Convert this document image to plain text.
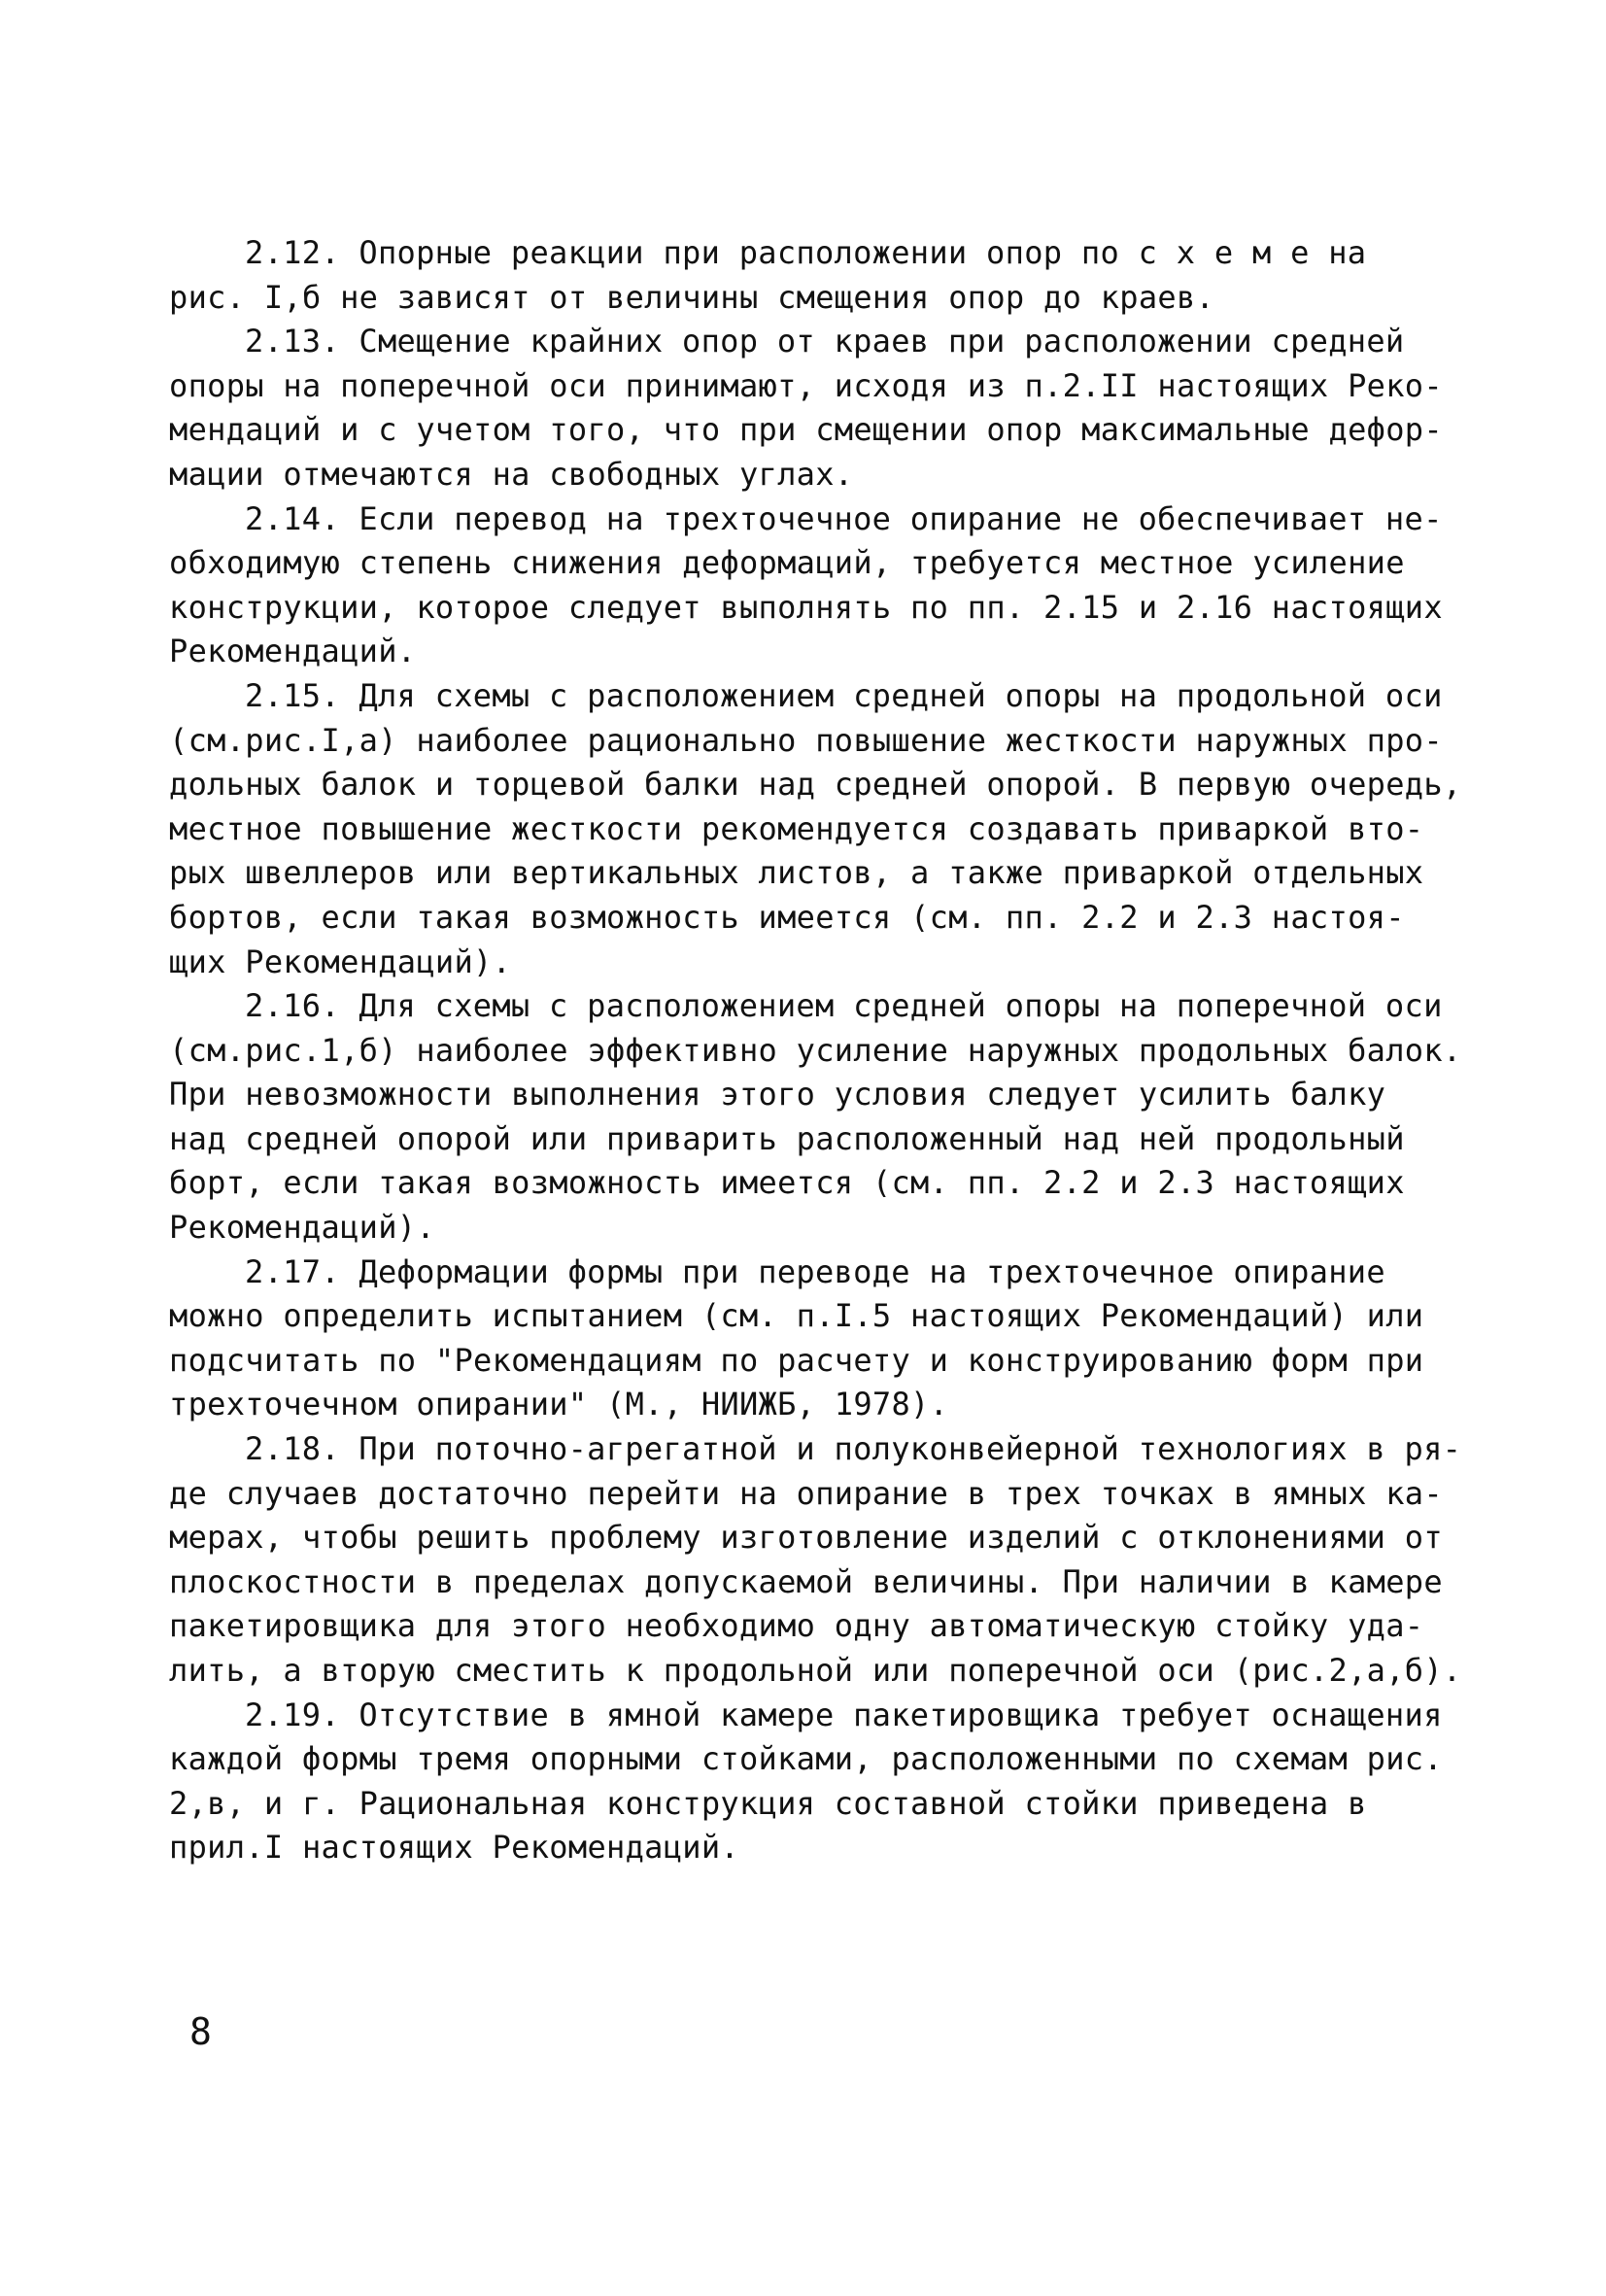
2.12. Опорные реакции при расположении опор по с х е м е на
рис. I,б не зависят от величины смещения опор до краев.
2.13. Смещение крайних опор от краев при расположении средней
опоры на поперечной оси принимают, исходя из п.2.II настоящих Реко-
мендаций и с учетом того, что при смещении опор максимальные дефор-
мации отмечаются на свободных углах.
2.14. Если перевод на трехточечное опирание не обеспечивает не-
обходимую степень снижения деформаций, требуется местное усиление
конструкции, которое следует выполнять по пп. 2.15 и 2.16 настоящих
Рекомендаций.
2.15. Для схемы с расположением средней опоры на продольной оси
(см.рис.I,а) наиболее рационально повышение жесткости наружных про-
дольных балок и торцевой балки над средней опорой. В первую очередь,
местное повышение жесткости рекомендуется создавать приваркой вто-
рых швеллеров или вертикальных листов, а также приваркой отдельных
бортов, если такая возможность имеется (см. пп. 2.2 и 2.3 настоя-
щих Рекомендаций).
2.16. Для схемы с расположением средней опоры на поперечной оси
(см.рис.1,б) наиболее эффективно усиление наружных продольных балок.
При невозможности выполнения этого условия следует усилить балку
над средней опорой или приварить расположенный над ней продольный
борт, если такая возможность имеется (см. пп. 2.2 и 2.3 настоящих
Рекомендаций).
2.17. Деформации формы при переводе на трехточечное опирание
можно определить испытанием (см. п.I.5 настоящих Рекомендаций) или
подсчитать по "Рекомендациям по расчету и конструированию форм при
трехточечном опирании" (М., НИИЖБ, 1978).
2.18. При поточно-агрегатной и полуконвейерной технологиях в ря-
де случаев достаточно перейти на опирание в трех точках в ямных ка-
мерах, чтобы решить проблему изготовление изделий с отклонениями от
плоскостности в пределах допускаемой величины. При наличии в камере
пакетировщика для этого необходимо одну автоматическую стойку уда-
лить, а вторую сместить к продольной или поперечной оси (рис.2,а,б).
2.19. Отсутствие в ямной камере пакетировщика требует оснащения
каждой формы тремя опорными стойками, расположенными по схемам рис.
2,в, и г. Рациональная конструкция составной стойки приведена в
прил.I настоящих Рекомендаций.
8
